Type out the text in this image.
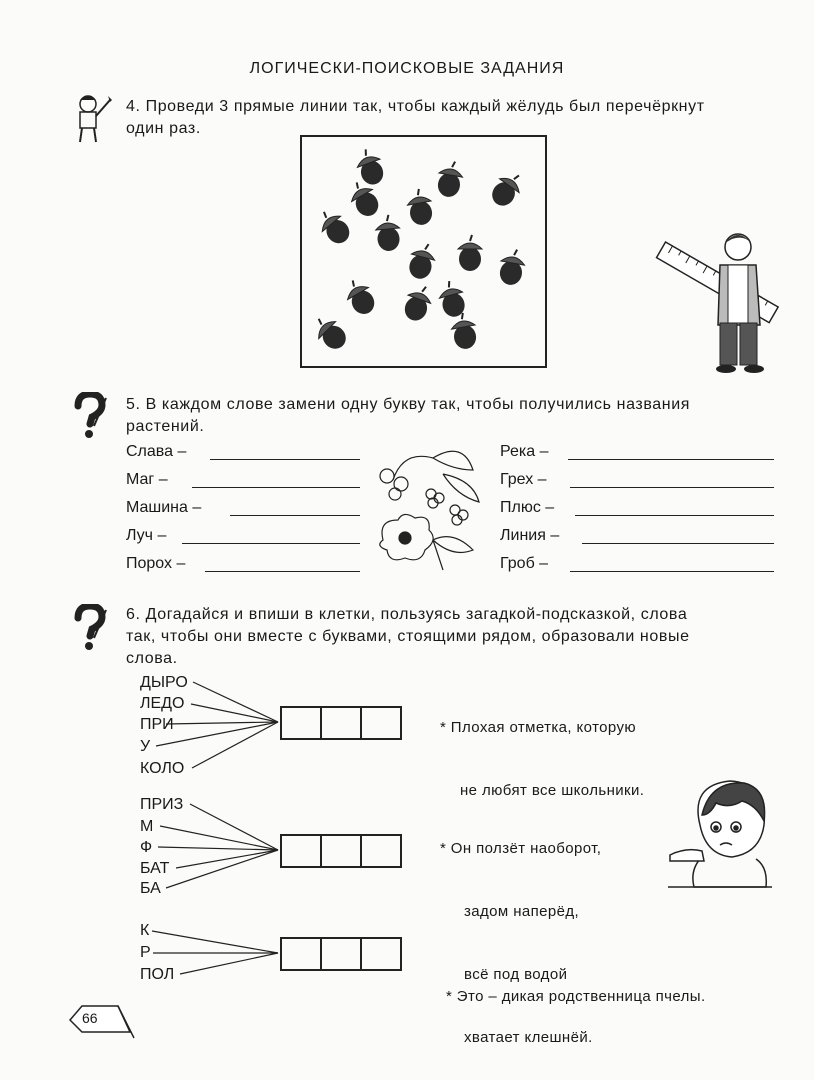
ЛОГИЧЕСКИ-ПОИСКОВЫЕ ЗАДАНИЯ
4. Проведи 3 прямые линии так, чтобы каждый жёлудь был перечёркнут
один раз.
5. В каждом слове замени одну букву так, чтобы получились названия
растений.
Слава –
Маг –
Машина –
Луч –
Порох –
Река –
Грех –
Плюс –
Линия –
Гроб –
6. Догадайся и впиши в клетки, пользуясь загадкой-подсказкой, слова
так, чтобы они вместе с буквами, стоящими рядом, образовали новые
слова.
ДЫРО
ЛЕДО
ПРИ
У
КОЛО

* Плохая отметка, которую

не любят все школьники.

ПРИЗ
М
Ф
БАТ
БА

* Он ползёт наоборот,

задом наперёд,

всё под водой

хватает клешнёй.

К
Р
ПОЛ

* Это – дикая родственница пчелы.

66
